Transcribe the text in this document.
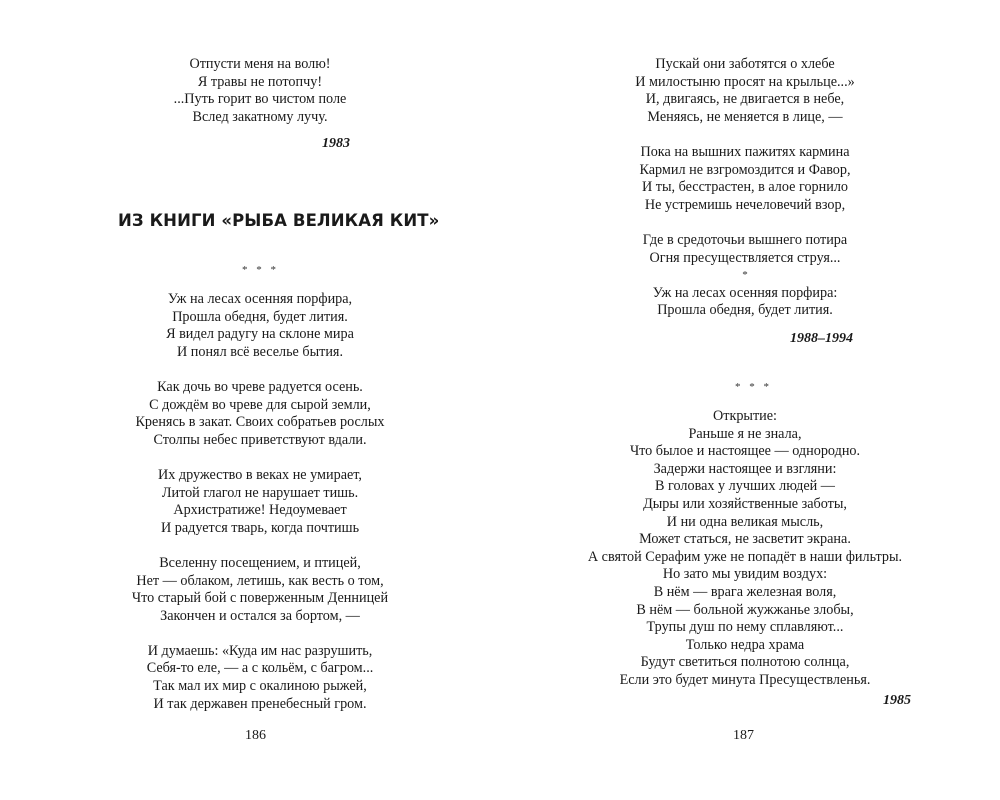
Отпусти меня на волю!
Я травы не потопчу!
...Путь горит во чистом поле
Вслед закатному лучу.
1983
ИЗ КНИГИ «РЫБА ВЕЛИКАЯ КИТ»
* * *
Уж на лесах осенняя порфира,
Прошла обедня, будет лития.
Я видел радугу на склоне мира
И понял всё веселье бытия.
Как дочь во чреве радуется осень.
С дождём во чреве для сырой земли,
Кренясь в закат. Своих собратьев рослых
Столпы небес приветствуют вдали.
Их дружество в веках не умирает,
Литой глагол не нарушает тишь.
Архистратиже! Недоумевает
И радуется тварь, когда почтишь
Вселенну посещением, и птицей,
Нет — облаком, летишь, как весть о том,
Что старый бой с поверженным Денницей
Закончен и остался за бортом, —
И думаешь: «Куда им нас разрушить,
Себя-то еле, — а с кольём, с багром...
Так мал их мир с окалиною рыжей,
И так державен пренебесный гром.
186
Пускай они заботятся о хлебе
И милостыню просят на крыльце...»
И, двигаясь, не двигается в небе,
Меняясь, не меняется в лице, —
Пока на вышних пажитях кармина
Кармил не взгромоздится и Фавор,
И ты, бесстрастен, в алое горнило
Не устремишь нечеловечий взор,
Где в средоточьи вышнего потира
Огня пресуществляется струя...
*
Уж на лесах осенняя порфира:
Прошла обедня, будет лития.
1988–1994
* * *
Открытие:
Раньше я не знала,
Что былое и настоящее — однородно.
Задержи настоящее и взгляни:
В головах у лучших людей —
Дыры или хозяйственные заботы,
И ни одна великая мысль,
Может статься, не засветит экрана.
А святой Серафим уже не попадёт в наши фильтры.
Но зато мы увидим воздух:
В нём — врага железная воля,
В нём — больной жужжанье злобы,
Трупы душ по нему сплавляют...
Только недра храма
Будут светиться полнотою солнца,
Если это будет минута Пресуществленья.
1985
187
